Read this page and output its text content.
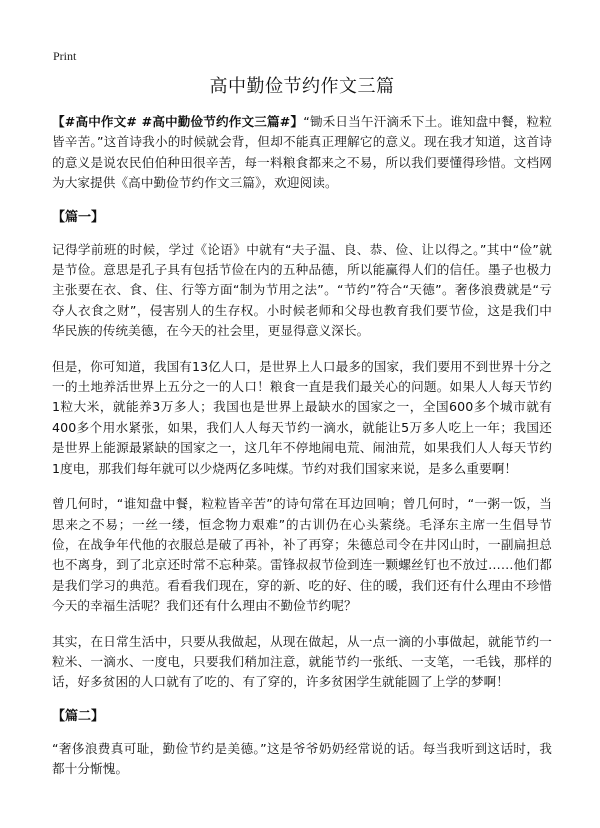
Print
高中勤俭节约作文三篇

【#高中作文# #高中勤俭节约作文三篇#】“锄禾日当午汗滴禾下土。谁知盘中餐，粒粒皆辛苦。”这首诗我小的时候就会背，但却不能真正理解它的意义。现在我才知道，这首诗的意义是说农民伯伯种田很辛苦，每一料粮食都来之不易，所以我们要懂得珍惜。文档网为大家提供《高中勤俭节约作文三篇》，欢迎阅读。

【篇一】

记得学前班的时候，学过《论语》中就有“夫子温、良、恭、俭、让以得之。”其中“俭”就是节俭。意思是孔子具有包括节俭在内的五种品德，所以能赢得人们的信任。墨子也极力主张要在衣、食、住、行等方面“制为节用之法”。“节约”符合“天德”。奢侈浪费就是“亏夺人衣食之财”，侵害别人的生存权。小时候老师和父母也教育我们要节俭，这是我们中华民族的传统美德，在今天的社会里，更显得意义深长。

但是，你可知道，我国有13亿人口，是世界上人口最多的国家，我们要用不到世界十分之一的土地养活世界上五分之一的人口！粮食一直是我们最关心的问题。如果人人每天节约1粒大米，就能养3万多人；我国也是世界上最缺水的国家之一，全国600多个城市就有400多个用水紧张，如果，我们人人每天节约一滴水，就能让5万多人吃上一年；我国还是世界上能源最紧缺的国家之一，这几年不停地闹电荒、闹油荒，如果我们人人每天节约1度电，那我们每年就可以少烧两亿多吨煤。节约对我们国家来说，是多么重要啊！

曾几何时，“谁知盘中餐，粒粒皆辛苦”的诗句常在耳边回响；曾几何时，“一粥一饭，当思来之不易；一丝一缕，恒念物力艰难”的古训仍在心头萦绕。毛泽东主席一生倡导节俭，在战争年代他的衣服总是破了再补，补了再穿；朱德总司令在井冈山时，一副扁担总也不离身，到了北京还时常不忘种菜。雷锋叔叔节俭到连一颗螺丝钉也不放过……他们都是我们学习的典范。看看我们现在，穿的新、吃的好、住的暖，我们还有什么理由不珍惜今天的幸福生活呢？我们还有什么理由不勤俭节约呢？

其实，在日常生活中，只要从我做起，从现在做起，从一点一滴的小事做起，就能节约一粒米、一滴水、一度电，只要我们稍加注意，就能节约一张纸、一支笔，一毛钱，那样的话，好多贫困的人口就有了吃的、有了穿的，许多贫困学生就能圆了上学的梦啊！

【篇二】

“奢侈浪费真可耻，勤俭节约是美德。”这是爷爷奶奶经常说的话。每当我听到这话时，我都十分惭愧。
